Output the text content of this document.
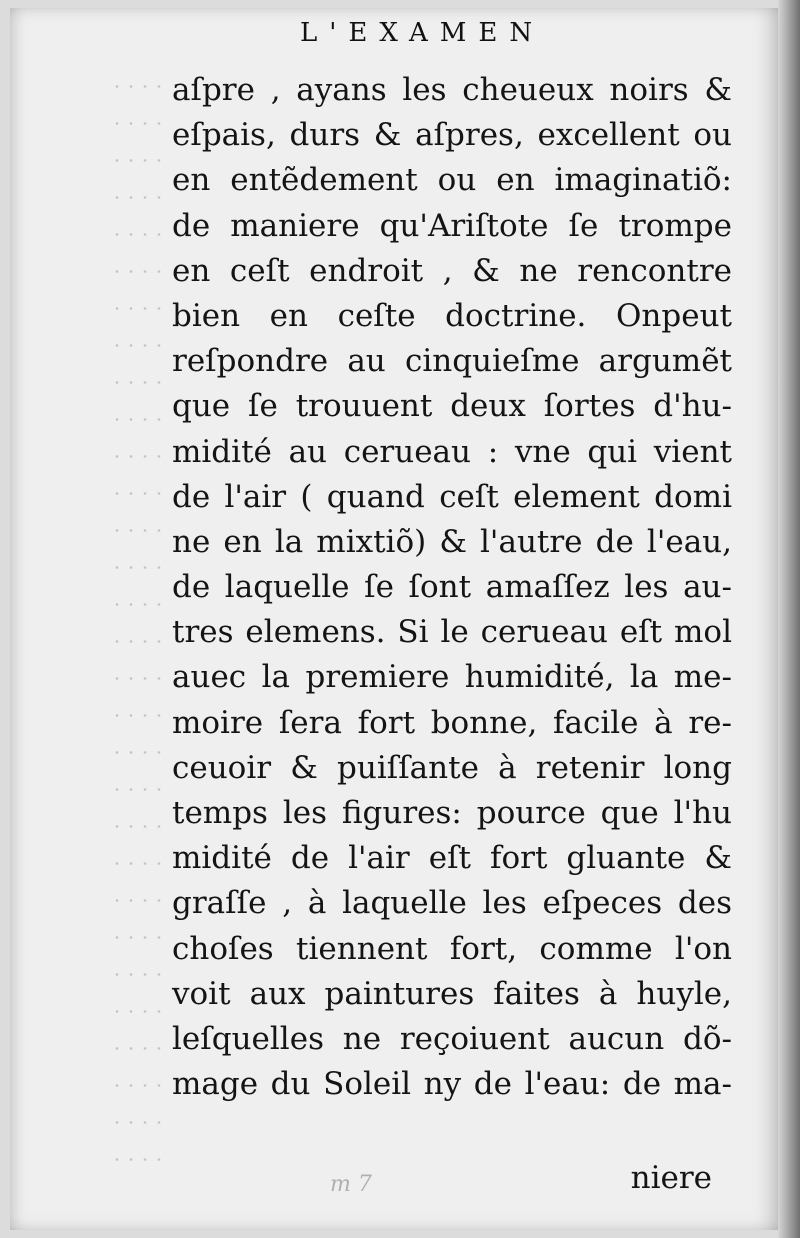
L'EXAMEN
aſpre , ayans les cheueux noirs &
eſpais, durs & aſpres, excellent ou
en entẽdement ou en imaginatiõ:
de maniere qu'Ariſtote ſe trompe
en ceſt endroit , & ne rencontre
bien en ceſte doctrine. Onpeut
reſpondre au cinquieſme argumẽt
que ſe trouuent deux ſortes d'hu-
midité au cerueau : vne qui vient
de l'air ( quand ceſt element domi
ne en la mixtiõ) & l'autre de l'eau,
de laquelle ſe ſont amaſſez les au-
tres elemens. Si le cerueau eſt mol
auec la premiere humidité, la me-
moire ſera fort bonne, facile à re-
ceuoir & puiſſante à retenir long
temps les figures: pource que l'hu
midité de l'air eſt fort gluante &
graſſe , à laquelle les eſpeces des
choſes tiennent fort, comme l'on
voit aux paintures faites à huyle,
leſquelles ne reçoiuent aucun dõ-
mage du Soleil ny de l'eau: de ma-
m 7	niere
